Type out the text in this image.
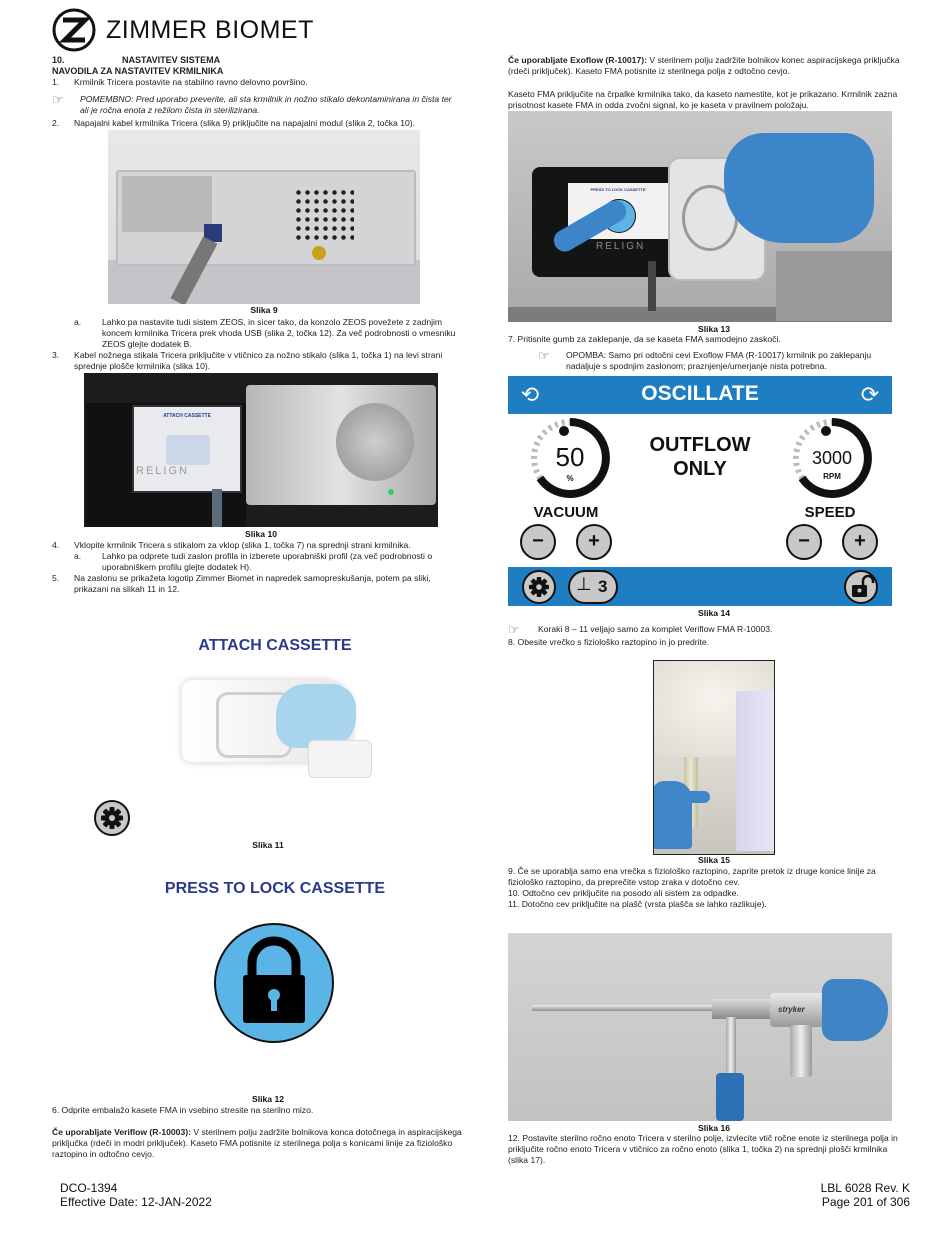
ZIMMER BIOMET
10.	NASTAVITEV SISTEMA
NAVODILA ZA NASTAVITEV KRMILNIKA
1. Krmilnik Tricera postavite na stabilno ravno delovno površino.
☞ POMEMBNO: Pred uporabo preverite, ali sta krmilnik in nožno stikalo dekontaminirana in čista ter ali je ročna enota z režilom čista in sterilizirana.
2. Napajalni kabel krmilnika Tricera (slika 9) priključite na napajalni modul (slika 2, točka 10).
Slika 9
a. Lahko pa nastavite tudi sistem ZEOS, in sicer tako, da konzolo ZEOS povežete z zadnjim koncem krmilnika Tricera prek vhoda USB (slika 2, točka 12). Za več podrobnosti o vmesniku ZEOS glejte dodatek B.
3. Kabel nožnega stikala Tricera priključite v vtičnico za nožno stikalo (slika 1, točka 1) na levi strani sprednje plošče krmilnika (slika 10).
ATTACH CASSETTE
RELIGN
Slika 10
4. Vklopite krmilnik Tricera s stikalom za vklop (slika 1, točka 7) na sprednji strani krmilnika.
a. Lahko pa odprete tudi zaslon profila in izberete uporabniški profil (za več podrobnosti o uporabniškem profilu glejte dodatek H).
5. Na zaslonu se prikažeta logotip Zimmer Biomet in napredek samopreskušanja, potem pa sliki, prikazani na slikah 11 in 12.
ATTACH CASSETTE
Slika 11
PRESS TO LOCK CASSETTE
Slika 12
6. Odprite embalažo kasete FMA in vsebino stresite na sterilno mizo.
Če uporabljate Veriflow (R-10003): V sterilnem polju zadržite bolnikova konca dotočnega in aspiracijskega priključka (rdeči in modri priključek). Kaseto FMA potisnite iz sterilnega polja s konicami linije za fiziološko raztopino in odtočno cevjo.
Če uporabljate Exoflow (R-10017): V sterilnem polju zadržite bolnikov konec aspiracijskega priključka (rdeči priključek). Kaseto FMA potisnite iz sterilnega polja z odtočno cevjo.
Kaseto FMA priključite na črpalke krmilnika tako, da kaseto namestite, kot je prikazano. Krmilnik zazna prisotnost kasete FMA in odda zvočni signal, ko je kaseta v pravilnem položaju.
PRESS TO LOCK CASSETTE
RELIGN
Slika 13
7. Pritisnite gumb za zaklepanje, da se kaseta FMA samodejno zaskoči.
☞ OPOMBA: Samo pri odtočni cevi Exoflow FMA (R-10017) krmilnik po zaklepanju nadaljuje s spodnjim zaslonom; praznjenje/umerjanje nista potrebna.
⟲	OSCILLATE	⟳
50
%
OUTFLOW
ONLY	3000
RPM
VACUUM	SPEED
−	+	−	+
⊥ 3
Slika 14
☞ Koraki 8 – 11 veljajo samo za komplet Veriflow FMA R-10003.
8. Obesite vrečko s fiziološko raztopino in jo predrite.
Slika 15
9. Če se uporablja samo ena vrečka s fiziološko raztopino, zaprite pretok iz druge konice linije za fiziološko raztopino, da preprečite vstop zraka v dotočno cev.
10. Odtočno cev priključite na posodo ali sistem za odpadke.
11. Dotočno cev priključite na plašč (vrsta plašča se lahko razlikuje).
stryker
Slika 16
12. Postavite sterilno ročno enoto Tricera v sterilno polje, izvlecite vtič ročne enote iz sterilnega polja in priključite ročno enoto Tricera v vtičnico za ročno enoto (slika 1, točka 2) na sprednji plošči krmilnika (slika 17).
DCO-1394
Effective Date: 12-JAN-2022
LBL 6028 Rev. K
Page 201 of 306
